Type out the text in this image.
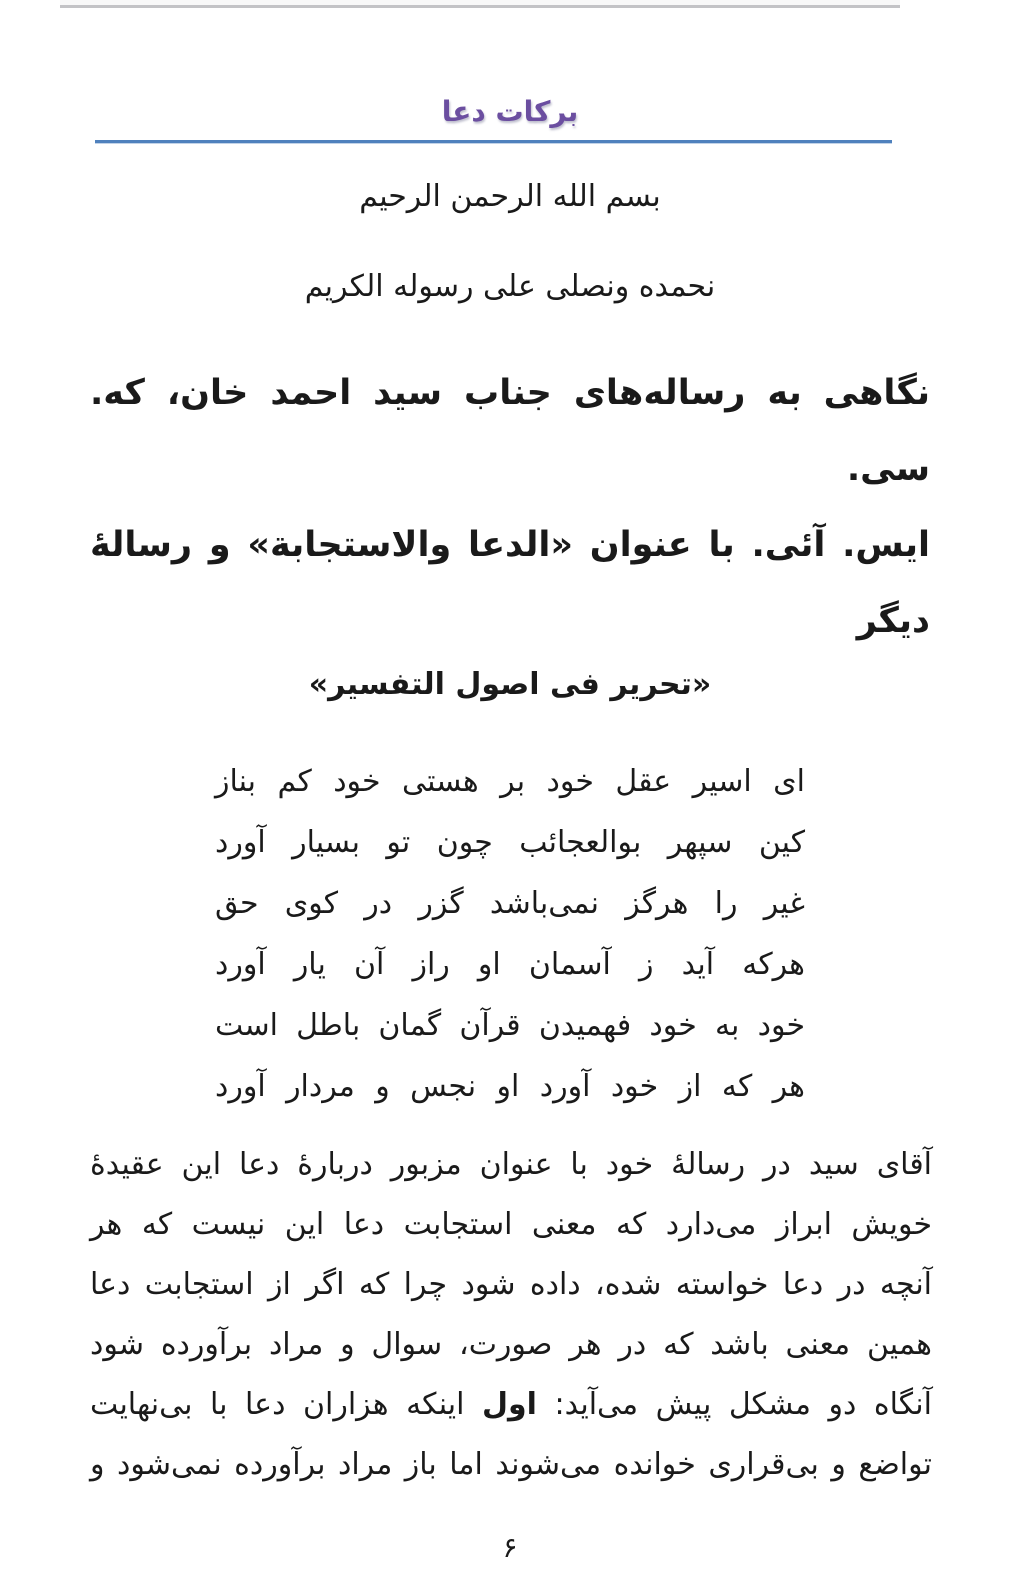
برکات دعا
بسم الله الرحمن الرحیم
نحمده ونصلی علی رسوله الکریم
نگاهی به رساله‌های جناب سید احمد خان، که. سی.
ایس. آئی. با عنوان «الدعا والاستجابة» و رسالهٔ دیگر
«تحریر فی اصول التفسیر»
ای اسیر عقل خود بر هستی خود کم بناز
کین سپهر بوالعجائب چون تو بسیار آورد
غیر را هرگز نمی‌باشد گزر در کوی حق
هرکه آید ز آسمان او راز آن یار آورد
خود به خود فهمیدن قرآن گمان باطل است
هر که از خود آورد او نجس و مردار آورد
آقای سید در رسالهٔ خود با عنوان مزبور دربارهٔ دعا این عقیدهٔ
خویش ابراز می‌دارد که معنی استجابت دعا این نیست که هر
آنچه در دعا خواسته شده، داده شود چرا که اگر از استجابت دعا
همین معنی باشد که در هر صورت، سوال و مراد برآورده شود
آنگاه دو مشکل پیش می‌آید: اول اینکه هزاران دعا با بی‌نهایت
تواضع و بی‌قراری خوانده می‌شوند اما باز مراد برآورده نمی‌شود و
۶
